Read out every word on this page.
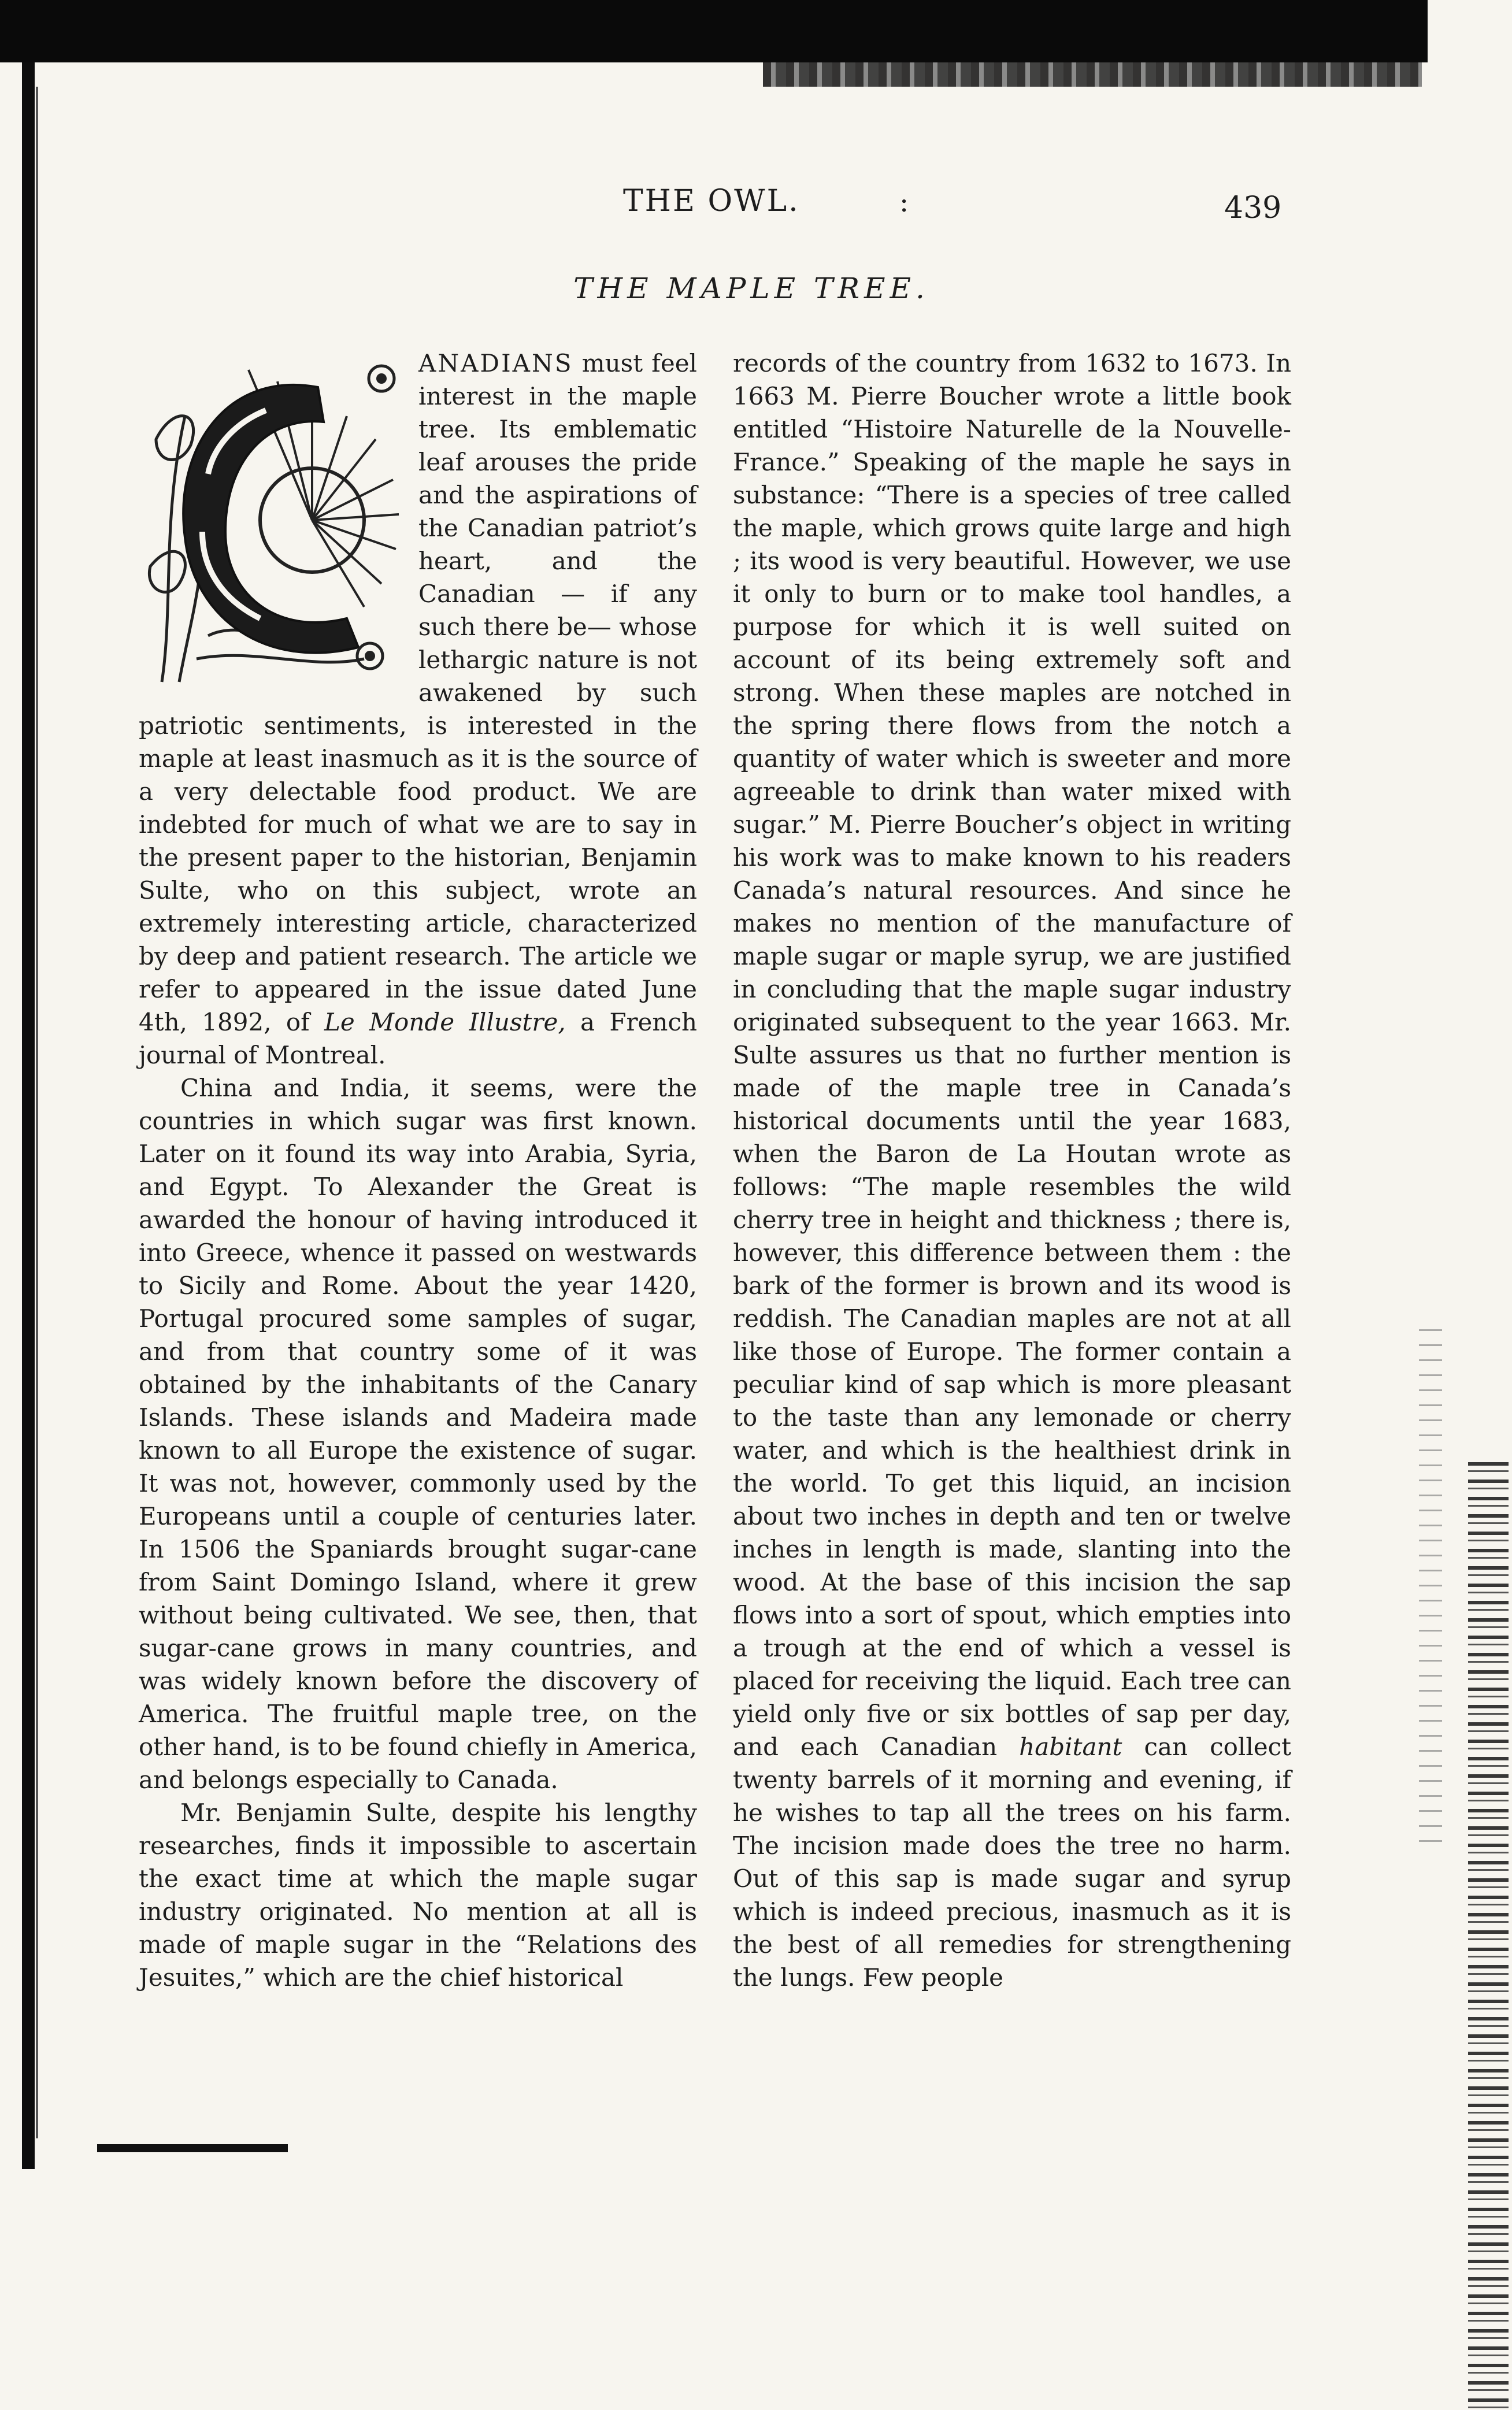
THE OWL.	:	439
THE MAPLE TREE.

ANADIANS must feel interest in the maple tree. Its emblematic leaf arouses the pride and the aspirations of the Canadian patriot’s heart, and the Canadian — if any such there be— whose lethargic nature is not awakened by such patriotic sentiments, is interested in the maple at least inasmuch as it is the source of a very delectable food product. We are indebted for much of what we are to say in the present paper to the historian, Benjamin Sulte, who on this subject, wrote an extremely interesting article, characterized by deep and patient research. The article we refer to appeared in the issue dated June 4th, 1892, of Le Monde Illustre, a French journal of Montreal.

China and India, it seems, were the countries in which sugar was first known. Later on it found its way into Arabia, Syria, and Egypt. To Alexander the Great is awarded the honour of having introduced it into Greece, whence it passed on westwards to Sicily and Rome. About the year 1420, Portugal procured some samples of sugar, and from that country some of it was obtained by the inhabitants of the Canary Islands. These islands and Madeira made known to all Europe the existence of sugar. It was not, however, commonly used by the Europeans until a couple of centuries later. In 1506 the Spaniards brought sugar-cane from Saint Domingo Island, where it grew without being cultivated. We see, then, that sugar-cane grows in many countries, and was widely known before the discovery of America. The fruitful maple tree, on the other hand, is to be found chiefly in America, and belongs especially to Canada.

Mr. Benjamin Sulte, despite his lengthy researches, finds it impossible to ascertain the exact time at which the maple sugar industry originated. No mention at all is made of maple sugar in the “Relations des Jesuites,” which are the chief historical

records of the country from 1632 to 1673. In 1663 M. Pierre Boucher wrote a little book entitled “Histoire Naturelle de la Nouvelle-France.” Speaking of the maple he says in substance: “There is a species of tree called the maple, which grows quite large and high ; its wood is very beautiful. However, we use it only to burn or to make tool handles, a purpose for which it is well suited on account of its being extremely soft and strong. When these maples are notched in the spring there flows from the notch a quantity of water which is sweeter and more agreeable to drink than water mixed with sugar.” M. Pierre Boucher’s object in writing his work was to make known to his readers Canada’s natural resources. And since he makes no mention of the manufacture of maple sugar or maple syrup, we are justified in concluding that the maple sugar industry originated subsequent to the year 1663. Mr. Sulte assures us that no further mention is made of the maple tree in Canada’s historical documents until the year 1683, when the Baron de La Houtan wrote as follows: “The maple resembles the wild cherry tree in height and thickness ; there is, however, this difference between them : the bark of the former is brown and its wood is reddish. The Canadian maples are not at all like those of Europe. The former contain a peculiar kind of sap which is more pleasant to the taste than any lemonade or cherry water, and which is the healthiest drink in the world. To get this liquid, an incision about two inches in depth and ten or twelve inches in length is made, slanting into the wood. At the base of this incision the sap flows into a sort of spout, which empties into a trough at the end of which a vessel is placed for receiving the liquid. Each tree can yield only five or six bottles of sap per day, and each Canadian habitant can collect twenty barrels of it morning and evening, if he wishes to tap all the trees on his farm. The incision made does the tree no harm. Out of this sap is made sugar and syrup which is indeed precious, inasmuch as it is the best of all remedies for strengthening the lungs. Few people
